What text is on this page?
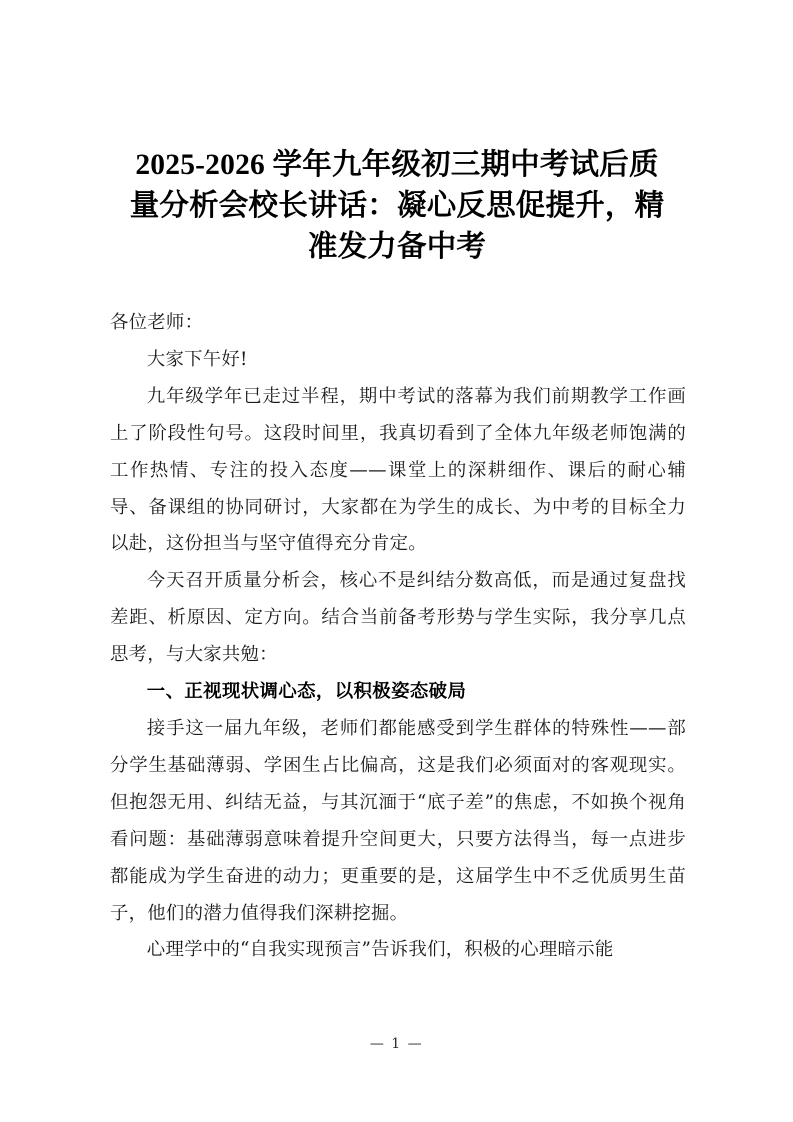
2025-2026 学年九年级初三期中考试后质
量分析会校长讲话：凝心反思促提升，精
准发力备中考

各位老师：

大家下午好!

九年级学年已走过半程，期中考试的落幕为我们前期教学工作画上了阶段性句号。这段时间里，我真切看到了全体九年级老师饱满的工作热情、专注的投入态度——课堂上的深耕细作、课后的耐心辅导、备课组的协同研讨，大家都在为学生的成长、为中考的目标全力以赴，这份担当与坚守值得充分肯定。

今天召开质量分析会，核心不是纠结分数高低，而是通过复盘找差距、析原因、定方向。结合当前备考形势与学生实际，我分享几点思考，与大家共勉：

一、正视现状调心态，以积极姿态破局

接手这一届九年级，老师们都能感受到学生群体的特殊性——部分学生基础薄弱、学困生占比偏高，这是我们必须面对的客观现实。但抱怨无用、纠结无益，与其沉湎于“底子差”的焦虑，不如换个视角看问题：基础薄弱意味着提升空间更大，只要方法得当，每一点进步都能成为学生奋进的动力；更重要的是，这届学生中不乏优质男生苗子，他们的潜力值得我们深耕挖掘。

心理学中的“自我实现预言”告诉我们，积极的心理暗示能

— 1 —
